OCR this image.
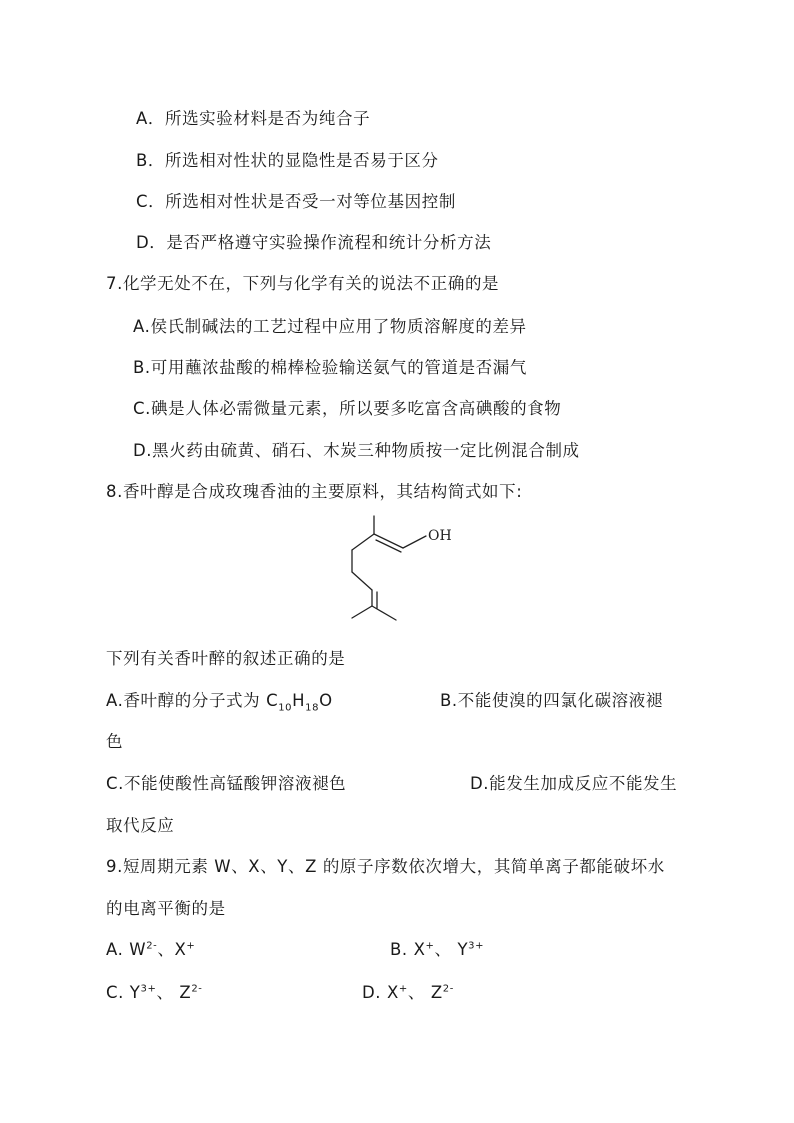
A．所选实验材料是否为纯合子
B．所选相对性状的显隐性是否易于区分
C．所选相对性状是否受一对等位基因控制
D．是否严格遵守实验操作流程和统计分析方法
7.化学无处不在，下列与化学有关的说法不正确的是
A.侯氏制碱法的工艺过程中应用了物质溶解度的差异
B.可用蘸浓盐酸的棉棒检验输送氨气的管道是否漏气
C.碘是人体必需微量元素，所以要多吃富含高碘酸的食物
D.黑火药由硫黄、硝石、木炭三种物质按一定比例混合制成
8.香叶醇是合成玫瑰香油的主要原料，其结构简式如下:
OH
下列有关香叶醉的叙述正确的是
A.香叶醇的分子式为 $C_{10}H_{18}O$	B.不能使溴的四氯化碳溶液褪
色
C.不能使酸性高锰酸钾溶液褪色	D.能发生加成反应不能发生
取代反应
9.短周期元素 W、X、Y、Z 的原子序数依次增大，其简单离子都能破坏水
的电离平衡的是
A. $W^{2-}$、X+	B. X+、 $Y^{3+}$
C. $Y^{3+}$、 $Z^{2-}$	D. X+、 $Z^{2-}$
